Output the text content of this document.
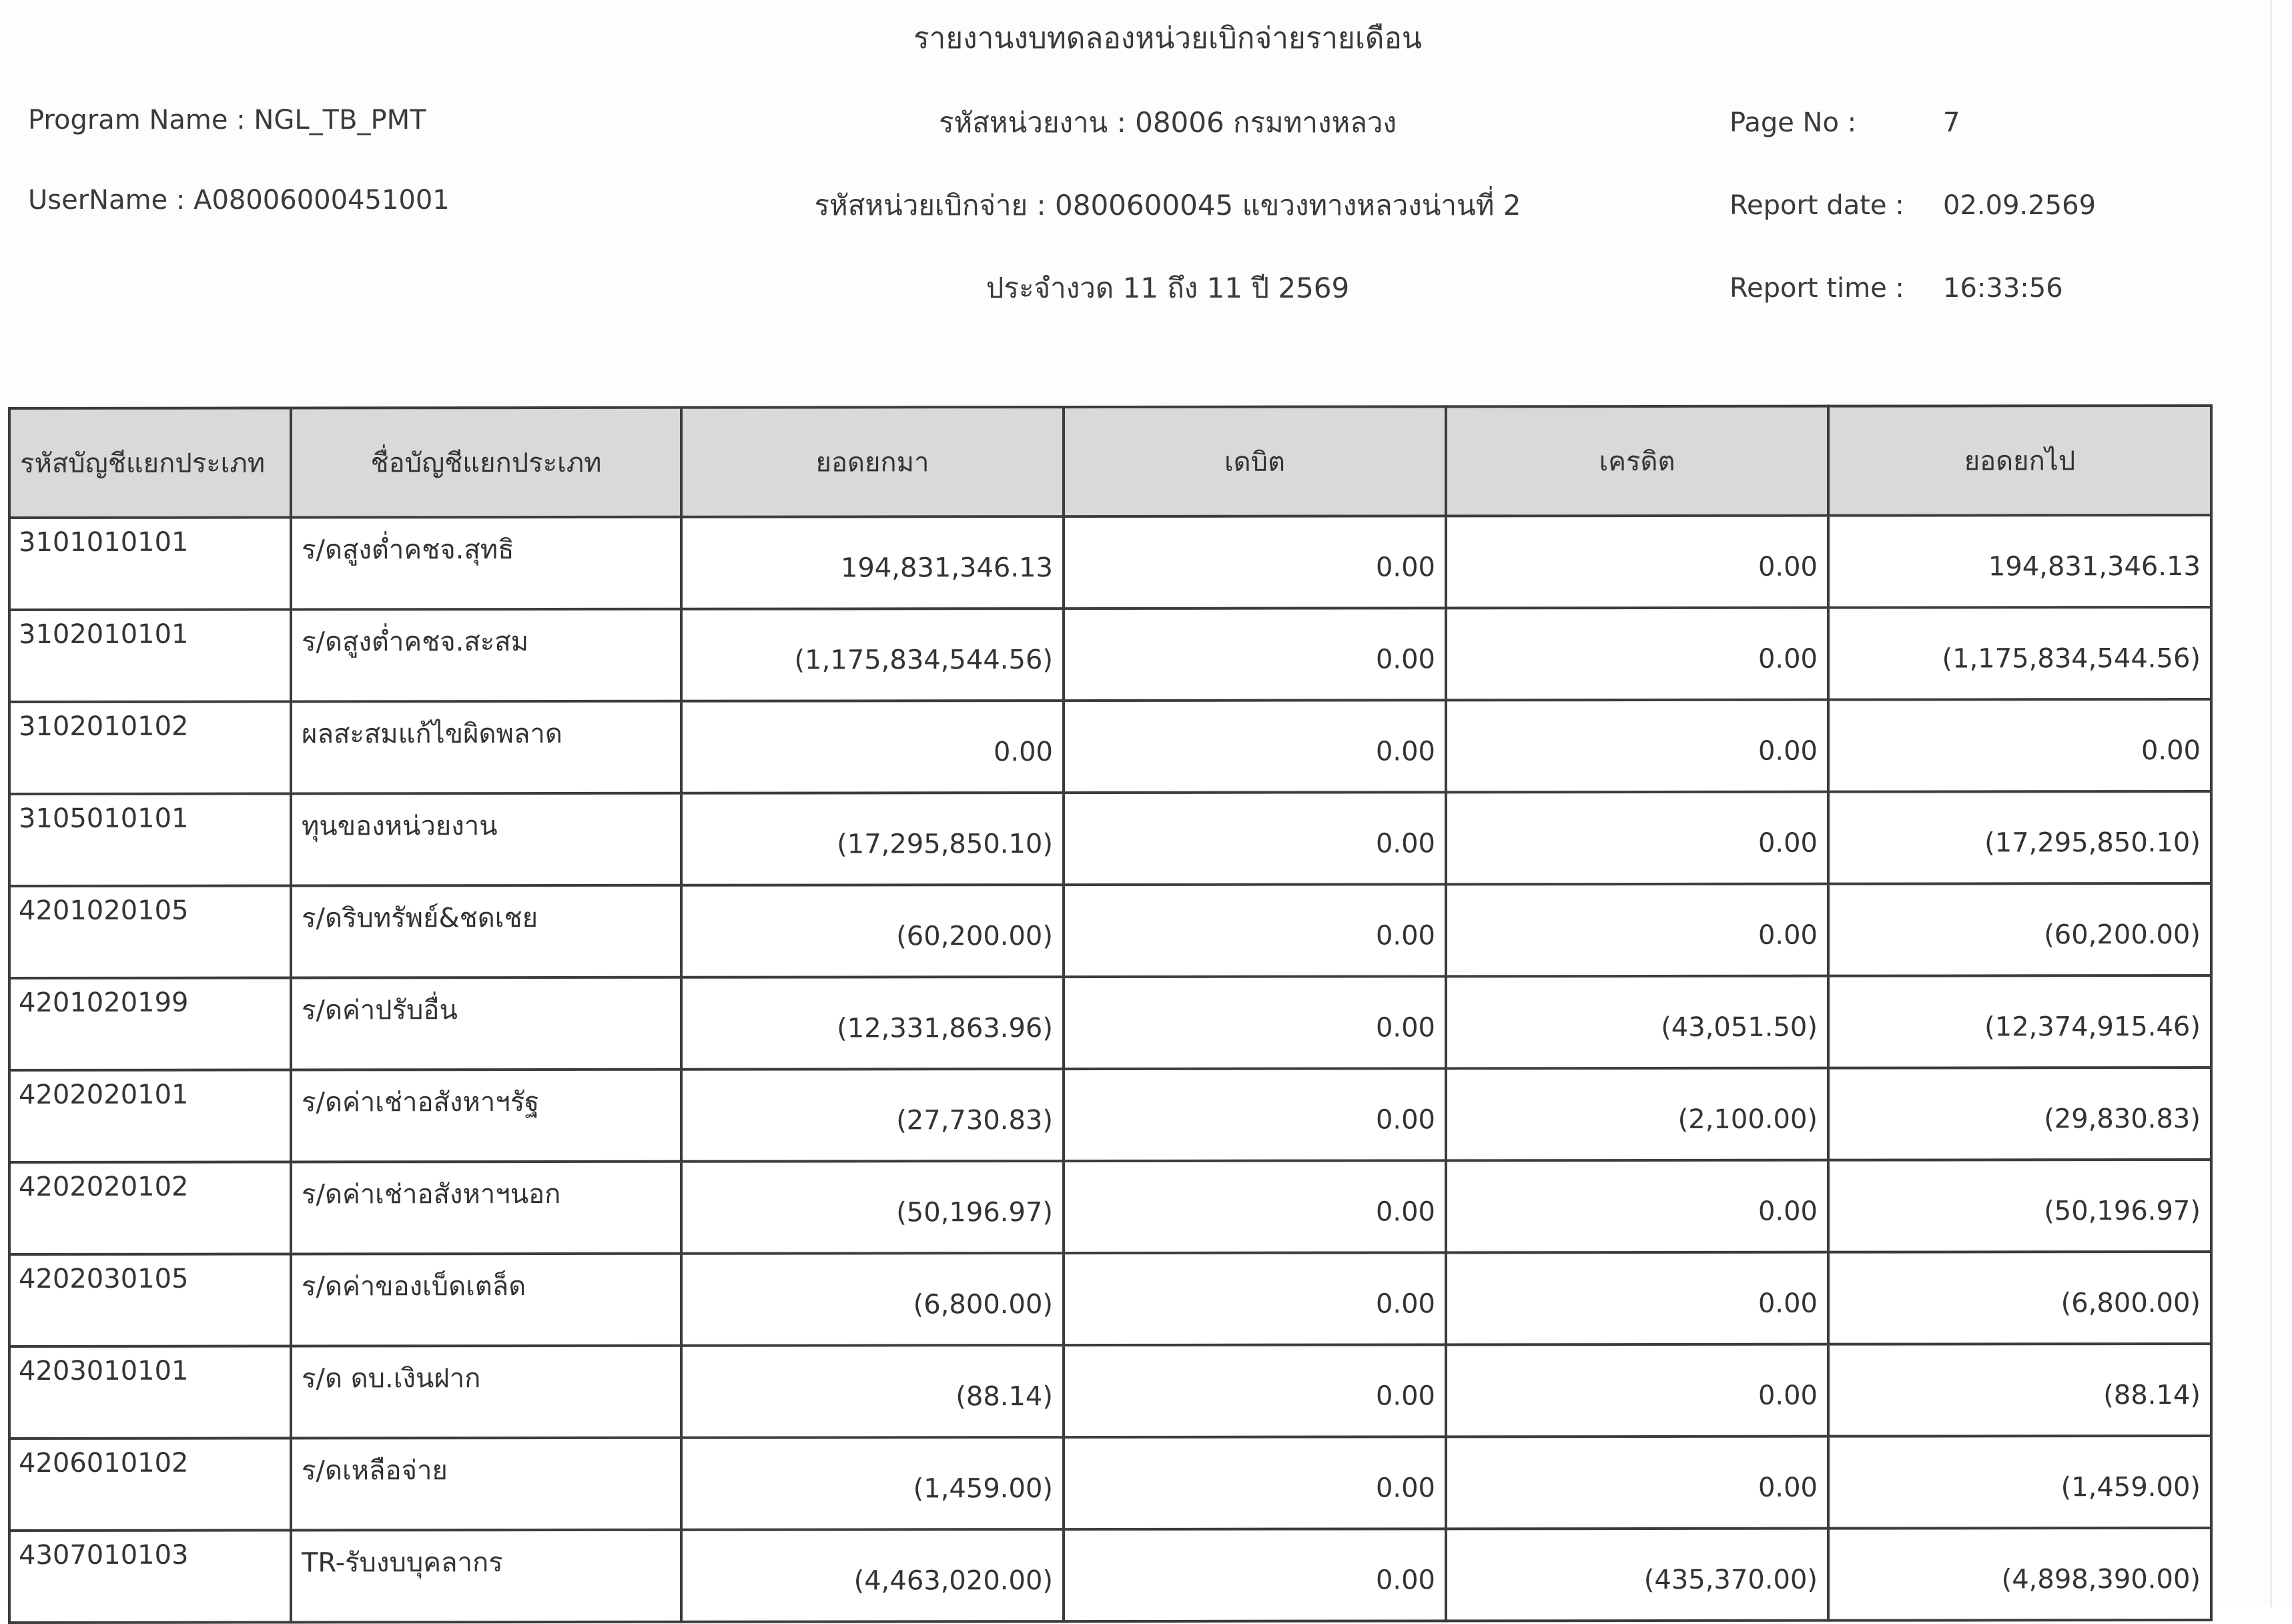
รายงานงบทดลองหน่วยเบิกจ่ายรายเดือน
Program Name : NGL_TB_PMT	รหัสหน่วยงาน : 08006 กรมทางหลวง
UserName : A08006000451001	รหัสหน่วยเบิกจ่าย : 0800600045 แขวงทางหลวงน่านที่ 2
ประจำงวด 11 ถึง 11 ปี 2569
Page No :	7
Report date : 02.09.2569
Report time : 16:33:56
รหัสบัญชีแยกประเภท	ชื่อบัญชีแยกประเภท	ยอดยกมา	เดบิต	เครดิต	ยอดยกไป
3101010101	ร/ดสูงต่ำคชจ.สุทธิ	194,831,346.13	0.00	0.00	194,831,346.13
3102010101	ร/ดสูงต่ำคชจ.สะสม	(1,175,834,544.56)	0.00	0.00	(1,175,834,544.56)
3102010102	ผลสะสมแก้ไขผิดพลาด	0.00	0.00	0.00	0.00
3105010101	ทุนของหน่วยงาน	(17,295,850.10)	0.00	0.00	(17,295,850.10)
4201020105	ร/ดริบทรัพย์&ชดเชย	(60,200.00)	0.00	0.00	(60,200.00)
4201020199	ร/ดค่าปรับอื่น	(12,331,863.96)	0.00	(43,051.50)	(12,374,915.46)
4202020101	ร/ดค่าเช่าอสังหาฯรัฐ	(27,730.83)	0.00	(2,100.00)	(29,830.83)
4202020102	ร/ดค่าเช่าอสังหาฯนอก	(50,196.97)	0.00	0.00	(50,196.97)
4202030105	ร/ดค่าของเบ็ดเตล็ด	(6,800.00)	0.00	0.00	(6,800.00)
4203010101	ร/ด ดบ.เงินฝาก	(88.14)	0.00	0.00	(88.14)
4206010102	ร/ดเหลือจ่าย	(1,459.00)	0.00	0.00	(1,459.00)
4307010103	TR-รับงบบุคลากร	(4,463,020.00)	0.00	(435,370.00)	(4,898,390.00)
